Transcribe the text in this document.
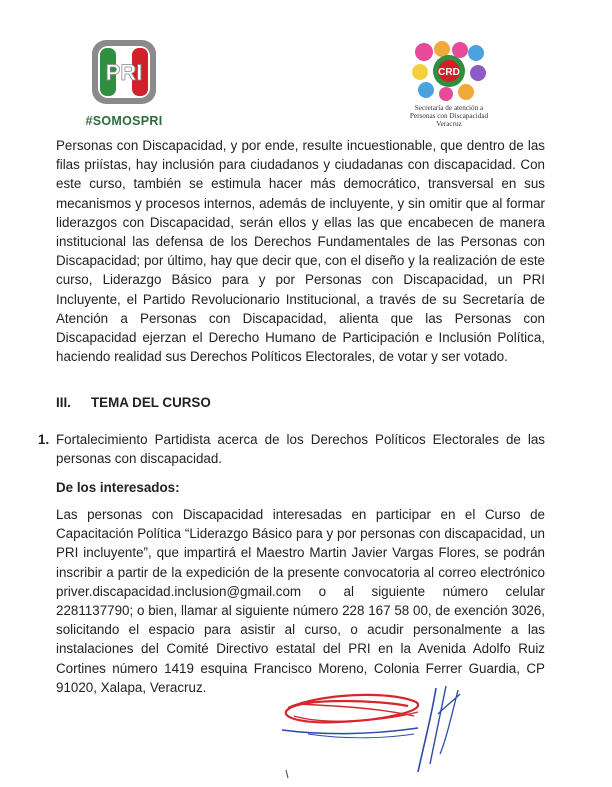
PRI
#SOMOSPRI
CRD
Secretaría de atención a
Personas con Discapacidad
Veracruz
Personas con Discapacidad, y por ende, resulte incuestionable, que dentro de las filas priístas, hay inclusión para ciudadanos y ciudadanas con discapacidad. Con este curso, también se estimula hacer más democrático, transversal en sus mecanismos y procesos internos, además de incluyente, y sin omitir que al formar liderazgos con Discapacidad, serán ellos y ellas las que encabecen de manera institucional las defensa de los Derechos Fundamentales de las Personas con Discapacidad; por último, hay que decir que, con el diseño y la realización de este curso, Liderazgo Básico para y por Personas con Discapacidad, un PRI Incluyente, el Partido Revolucionario Institucional, a través de su Secretaría de Atención a Personas con Discapacidad, alienta que las Personas con Discapacidad ejerzan el Derecho Humano de Participación e Inclusión Política, haciendo realidad sus Derechos Políticos Electorales, de votar y ser votado.
III. TEMA DEL CURSO
1. Fortalecimiento Partidista acerca de los Derechos Políticos Electorales de las personas con discapacidad.
De los interesados:
Las personas con Discapacidad interesadas en participar en el Curso de Capacitación Política “Liderazgo Básico para y por personas con discapacidad, un PRI incluyente”, que impartirá el Maestro Martin Javier Vargas Flores, se podrán inscribir a partir de la expedición de la presente convocatoria al correo electrónico priver.discapacidad.inclusion@gmail.com o al siguiente número celular 2281137790; o bien, llamar al siguiente número 228 167 58 00, de exención 3026, solicitando el espacio para asistir al curso, o acudir personalmente a las instalaciones del Comité Directivo estatal del PRI en la Avenida Adolfo Ruiz Cortines número 1419 esquina Francisco Moreno, Colonia Ferrer Guardia, CP 91020, Xalapa, Veracruz.
